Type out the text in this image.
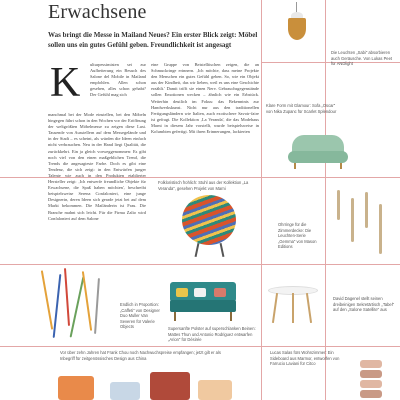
Erwachsene
Was bringt die Messe in Mailand Neues? Ein erster Blick zeigt: Möbel sollen uns ein gutes Gefühl geben. Freundlichkeit ist angesagt
K ulturpessimisten sei zur Aufheiterung ein Besuch des Salone del Mobile in Mailand empfohlen. Allen schon gesehen, alles schon gehabt? Der Gefühl mag sich
manchmal bei der Mode einstellen, bei den Möbeln hingegen führt schon in den Wochen vor der Eröffnung der weltgrößten Möbelmesse zu zeigen diese Lust. Tausende von Ausstellern auf dem Messegelände und in der Stadt – es scheint, als würden die Ideen einfach nicht verbrauchen. Neu in der Hand liegt Qualität, die zurückkehrt. Ein ja gleich vorweggenommen: Es gibt noch viel von den einen maßgeblichen Trend, die Trends die angesagteste Farbe. Doch es gibt eine Tendenz, die sich zeigt: in den Entwürfen junger Talente wie auch in den Produkten etablierter Hersteller zeigt: ‚Ich entwerfe freundliche Objekte für Erwachsene, die Spaß haben möchten', beschreibt beispielsweise Serena Confalonieri, eine junge Designerin, deren Ideen sich gerade jetzt bei auf dem Markt bekommen. Die Mailänderin ist Frau. Die Branche mahnt sich leicht. Für die Firma Zalio wird Confalonieri auf dem Salone
eine Gruppe von Beistelltischen zeigen, die an Schmuckringe erinnern. ‚Ich möchte, dass meine Projekte den Menschen ein gutes Gefühl geben. So, wie ein Objekt aus der Kindheit, das wir lieben, weil es uns eine Geschichte erzählt.' Damit trifft sie einen Nerv. Gebrauchsgegenstände sollen Emotionen wecken – ähnlich wie ein Erbstück. Weiterhin deutlich im Fokus: das Bekenntnis zur Handwerkskunst. Nicht nur aus den traditionellen Fertigungsländern wie Italien, auch exotischere Savoir-faire ist gefragt. Die Kollektion ‚La Veranda', die das Modehaus Marni in diesem Jahr vorstellt, wurde beispielsweise in Kolumbien gefertigt. Mit ihren Erinnerungen, lackierten
Die Leuchten „Sabi" absorbieren auch Geräusche. Von Lukas Peet für ANDlight
Klare Form mit Glamour: Sofa „Oscar" von Nika Zupanc für Scarlet Splendour
Folkloristisch frohlich: Stuhl aus der Kollektion „La Veranda", gesehen Projekt von Marni
Ohrringe für die Zimmerdecke: Die Leuchten-Serie „Gemma" von Mason Editions
Endlich in Proportion: „Caffeti" von Designer Duo Muller Van Severen für Valerie Objects	Supersanfte Polster auf superschlanken Beinen: Mattes Thun und Antonio Rodriguez entwarfen „Arion" für Désirée
David Dagenel stellt seinen dreibeinigen Sekretärtisch „Tabel" auf den „Salone Satellite" aus
Vor über zehn Jahren hat Frank Chou noch Nachwuchspreise empfangen; jetzt gilt er als Inbegriff für zeitgenössisches Design aus China
Lucas Salas fürs Wohnzimmer: Ein Sideboard aus Marmor, entworfen von Farrucio Laviani für Citco
